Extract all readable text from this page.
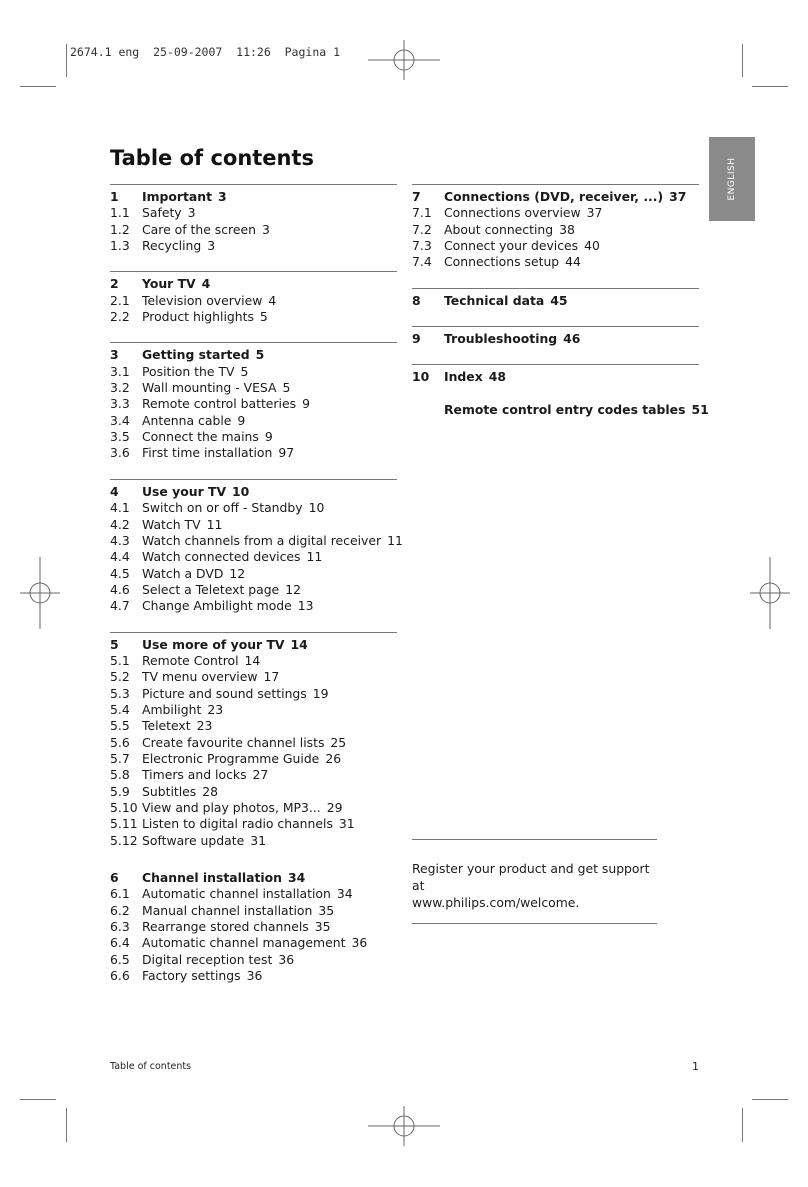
2674.1 eng  25-09-2007  11:26  Pagina 1
ENGLISH
Table of contents
1	Important 3
1.1 Safety 3
1.2 Care of the screen 3
1.3 Recycling 3
2	Your TV 4
2.1 Television overview 4
2.2 Product highlights 5
3	Getting started 5
3.1 Position the TV 5
3.2 Wall mounting - VESA 5
3.3 Remote control batteries 9
3.4 Antenna cable 9
3.5 Connect the mains 9
3.6 First time installation 97
4	Use your TV 10
4.1 Switch on or off - Standby 10
4.2 Watch TV 11
4.3 Watch channels from a digital receiver 11
4.4 Watch connected devices 11
4.5 Watch a DVD 12
4.6 Select a Teletext page 12
4.7 Change Ambilight mode 13
5	Use more of your TV 14
5.1 Remote Control 14
5.2 TV menu overview 17
5.3 Picture and sound settings 19
5.4 Ambilight 23
5.5 Teletext 23
5.6 Create favourite channel lists 25
5.7 Electronic Programme Guide 26
5.8 Timers and locks 27
5.9 Subtitles 28
5.10 View and play photos, MP3... 29
5.11 Listen to digital radio channels 31
5.12 Software update 31
6	Channel installation 34
6.1 Automatic channel installation 34
6.2 Manual channel installation 35
6.3 Rearrange stored channels 35
6.4 Automatic channel management 36
6.5 Digital reception test 36
6.6 Factory settings 36
7	Connections (DVD, receiver, ...) 37
7.1 Connections overview 37
7.2 About connecting 38
7.3 Connect your devices 40
7.4 Connections setup 44
8	Technical data 45
9	Troubleshooting 46
10	Index 48
Remote control entry codes tables 51
Register your product and get support at
www.philips.com/welcome.
Table of contents	1
